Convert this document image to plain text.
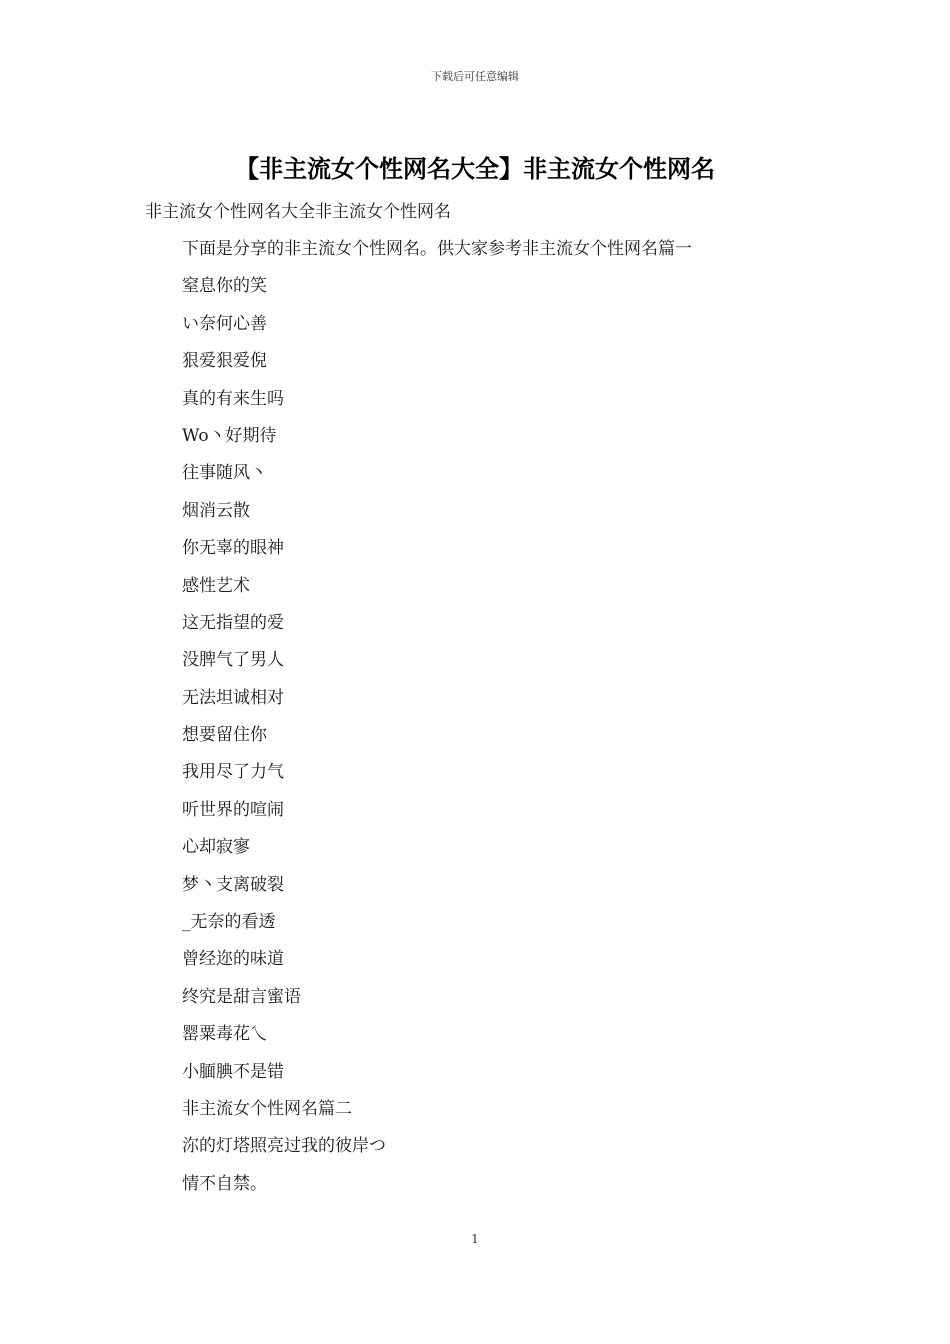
下载后可任意编辑
【非主流女个性网名大全】非主流女个性网名

非主流女个性网名大全非主流女个性网名

下面是分享的非主流女个性网名。供大家参考非主流女个性网名篇一
窒息你的笑
い奈何心善
狠爱狠爱倪
真的有来生吗
Wo丶好期待
往事随风丶
烟消云散
你无辜的眼神
感性艺术
这无指望的爱
没脾气了男人
无法坦诚相对
想要留住你
我用尽了力气
听世界的喧闹
心却寂寥
梦丶支离破裂
_无奈的看透
曾经迩的味道
终究是甜言蜜语
罂粟毒花乀
小腼腆不是错
非主流女个性网名篇二
沵的灯塔照亮过我的彼岸つ
情不自禁。
1
